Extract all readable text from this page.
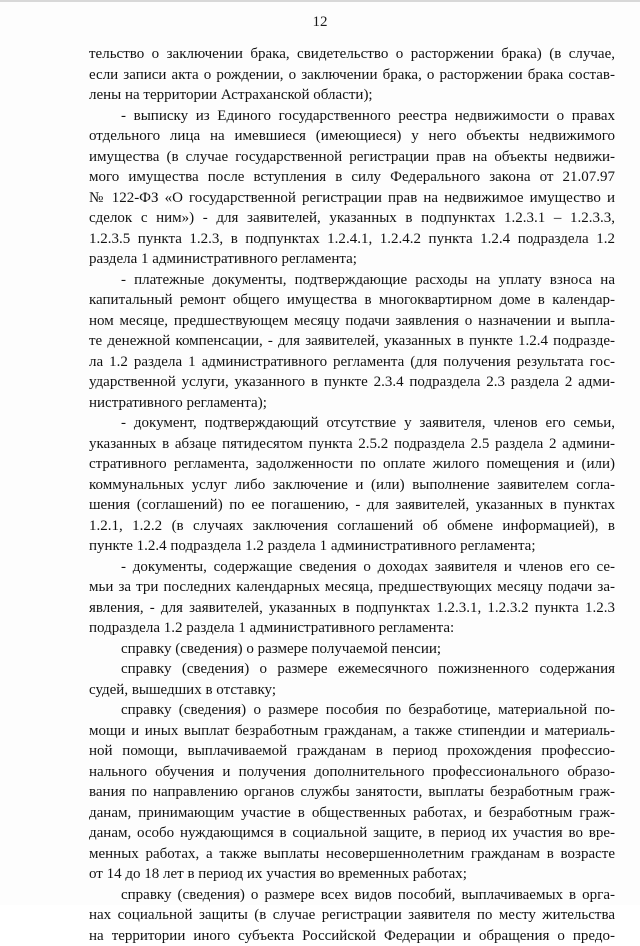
12
тельство о заключении брака, свидетельство о расторжении брака) (в случае,
если записи акта о рождении, о заключении брака, о расторжении брака состав-
лены на территории Астраханской области);
- выписку из Единого государственного реестра недвижимости о правах
отдельного лица на имевшиеся (имеющиеся) у него объекты недвижимого
имущества (в случае государственной регистрации прав на объекты недвижи-
мого имущества после вступления в силу Федерального закона от 21.07.97
№ 122-ФЗ «О государственной регистрации прав на недвижимое имущество и
сделок с ним») - для заявителей, указанных в подпунктах 1.2.3.1 – 1.2.3.3,
1.2.3.5 пункта 1.2.3, в подпунктах 1.2.4.1, 1.2.4.2 пункта 1.2.4 подраздела 1.2
раздела 1 административного регламента;
- платежные документы, подтверждающие расходы на уплату взноса на
капитальный ремонт общего имущества в многоквартирном доме в календар-
ном месяце, предшествующем месяцу подачи заявления о назначении и выпла-
те денежной компенсации, - для заявителей, указанных в пункте 1.2.4 подразде-
ла 1.2 раздела 1 административного регламента (для получения результата гос-
ударственной услуги, указанного в пункте 2.3.4 подраздела 2.3 раздела 2 адми-
нистративного регламента);
- документ, подтверждающий отсутствие у заявителя, членов его семьи,
указанных в абзаце пятидесятом пункта 2.5.2 подраздела 2.5 раздела 2 админи-
стративного регламента, задолженности по оплате жилого помещения и (или)
коммунальных услуг либо заключение и (или) выполнение заявителем согла-
шения (соглашений) по ее погашению, - для заявителей, указанных в пунктах
1.2.1, 1.2.2 (в случаях заключения соглашений об обмене информацией), в
пункте 1.2.4 подраздела 1.2 раздела 1 административного регламента;
- документы, содержащие сведения о доходах заявителя и членов его се-
мьи за три последних календарных месяца, предшествующих месяцу подачи за-
явления, - для заявителей, указанных в подпунктах 1.2.3.1, 1.2.3.2 пункта 1.2.3
подраздела 1.2 раздела 1 административного регламента:
справку (сведения) о размере получаемой пенсии;
справку (сведения) о размере ежемесячного пожизненного содержания
судей, вышедших в отставку;
справку (сведения) о размере пособия по безработице, материальной по-
мощи и иных выплат безработным гражданам, а также стипендии и материаль-
ной помощи, выплачиваемой гражданам в период прохождения профессио-
нального обучения и получения дополнительного профессионального образо-
вания по направлению органов службы занятости, выплаты безработным граж-
данам, принимающим участие в общественных работах, и безработным граж-
данам, особо нуждающимся в социальной защите, в период их участия во вре-
менных работах, а также выплаты несовершеннолетним гражданам в возрасте
от 14 до 18 лет в период их участия во временных работах;
справку (сведения) о размере всех видов пособий, выплачиваемых в орга-
нах социальной защиты (в случае регистрации заявителя по месту жительства
на территории иного субъекта Российской Федерации и обращения о предо-
